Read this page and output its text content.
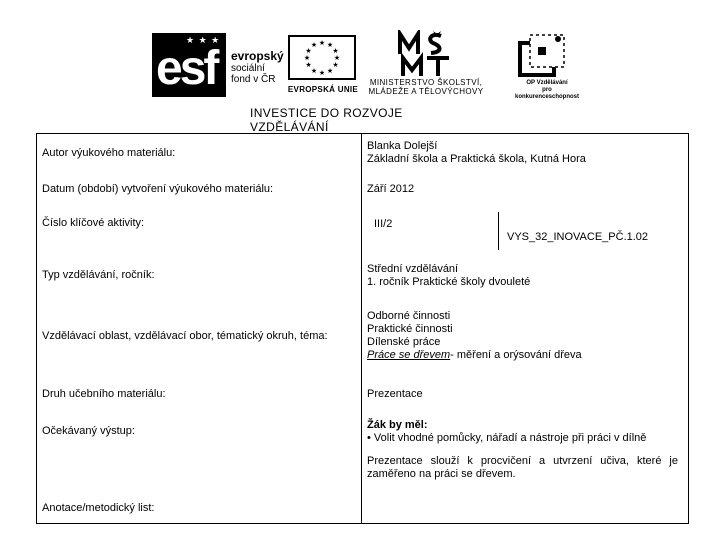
★ ★ ★
esf evropský
sociální
fond v ČR
★ ★
★
★
★
★
★
★
★
★
★
★
EVROPSKÁ UNIE
MINISTERSTVO ŠKOLSTVÍ,
MLÁDEŽE A TĚLOVÝCHOVY
OP Vzdělávání
pro konkurenceschopnost
INVESTICE DO ROZVOJE VZDĚLÁVÁNÍ
Autor výukového materiálu:	Blanka Dolejší
Základní škola a Praktická škola, Kutná Hora

Datum (období) vytvoření výukového materiálu:	Září 2012
Číslo klíčové aktivity:	III/2
VYS_32_INOVACE_PČ.1.02

Typ vzdělávání, ročník:	Střední vzdělávání
1. ročník Praktické školy dvouleté

Vzdělávací oblast, vzdělávací obor, tématický okruh, téma:	Odborné činnosti
Praktické činnosti
Dílenské práce
Práce se dřevem- měření a orýsování dřeva

Druh učebního materiálu:	Prezentace
Očekávaný výstup:	Žák by měl:
• Volit vhodné pomůcky, nářadí a nástroje při práci v dílně

Anotace/metodický list:	Prezentace slouží k procvičení a utvrzení učiva, které je zaměřeno na práci se dřevem.
